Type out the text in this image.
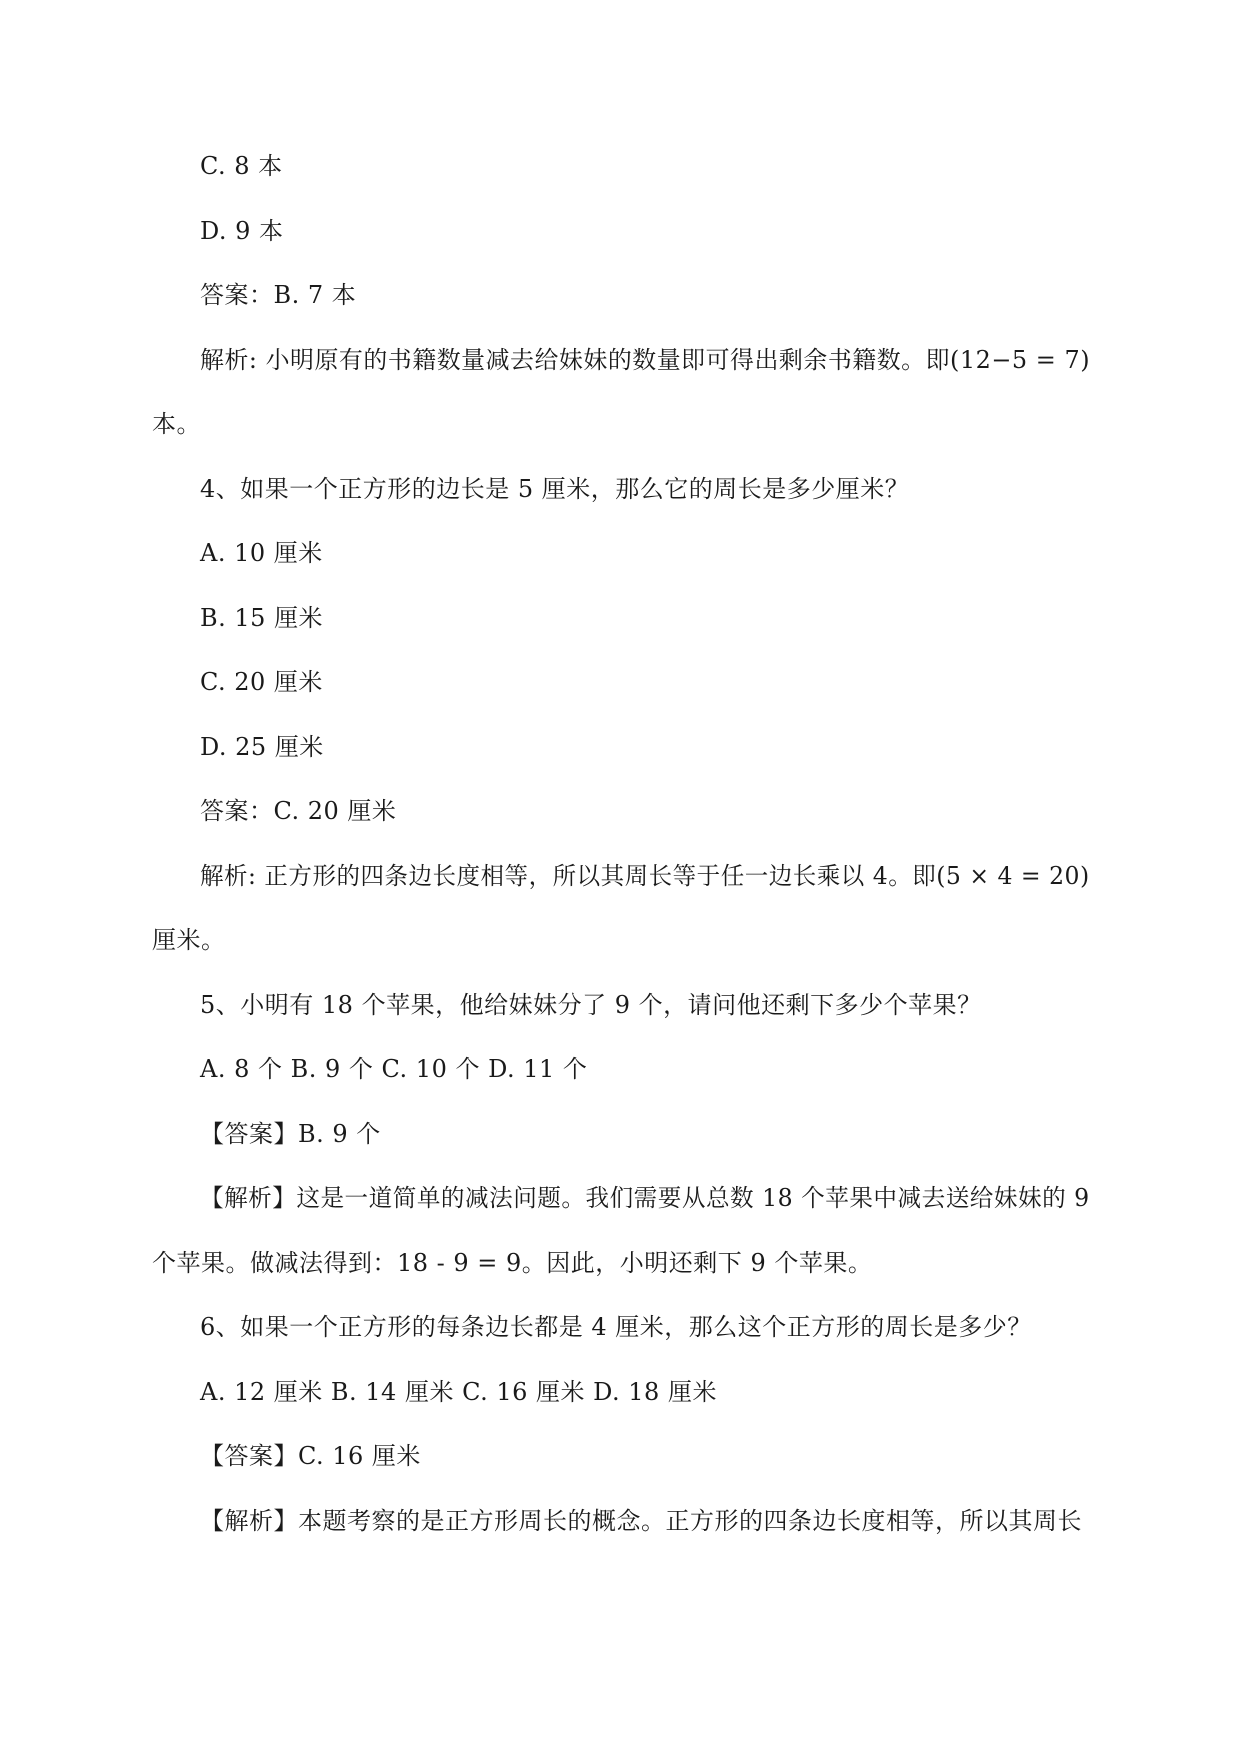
C. 8 本
D. 9 本
答案：B. 7 本
解析: 小明原有的书籍数量减去给妹妹的数量即可得出剩余书籍数。即(12−5 = 7)
本。
4、如果一个正方形的边长是 5 厘米，那么它的周长是多少厘米？
A. 10 厘米
B. 15 厘米
C. 20 厘米
D. 25 厘米
答案：C. 20 厘米
解析: 正方形的四条边长度相等，所以其周长等于任一边长乘以 4。即(5 × 4 = 20)
厘米。
5、小明有 18 个苹果，他给妹妹分了 9 个，请问他还剩下多少个苹果？
A. 8 个 B. 9 个 C. 10 个 D. 11 个
【答案】B. 9 个
【解析】这是一道简单的减法问题。我们需要从总数 18 个苹果中减去送给妹妹的 9
个苹果。做减法得到：18 - 9 = 9。因此，小明还剩下 9 个苹果。
6、如果一个正方形的每条边长都是 4 厘米，那么这个正方形的周长是多少？
A. 12 厘米 B. 14 厘米 C. 16 厘米 D. 18 厘米
【答案】C. 16 厘米
【解析】本题考察的是正方形周长的概念。正方形的四条边长度相等，所以其周长
